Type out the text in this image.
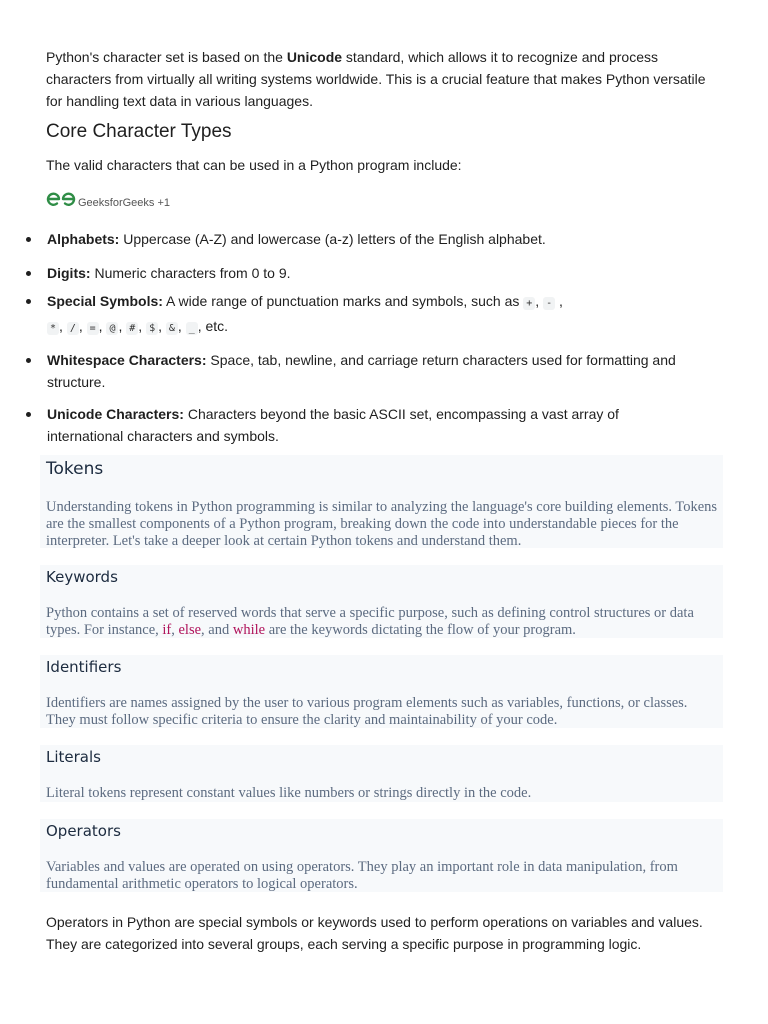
Python's character set is based on the Unicode standard, which allows it to recognize and process characters from virtually all writing systems worldwide. This is a crucial feature that makes Python versatile for handling text data in various languages.

Core Character Types

The valid characters that can be used in a Python program include:

GeeksforGeeks +1
Alphabets: Uppercase (A-Z) and lowercase (a-z) letters of the English alphabet.
Digits: Numeric characters from 0 to 9.
Special Symbols: A wide range of punctuation marks and symbols, such as + , - , * , / , = , @ , # , $ , & , _ , etc.
Whitespace Characters: Space, tab, newline, and carriage return characters used for formatting and structure.
Unicode Characters: Characters beyond the basic ASCII set, encompassing a vast array of international characters and symbols.
Tokens

Understanding tokens in Python programming is similar to analyzing the language's core building elements. Tokens are the smallest components of a Python program, breaking down the code into understandable pieces for the interpreter. Let's take a deeper look at certain Python tokens and understand them.

Keywords

Python contains a set of reserved words that serve a specific purpose, such as defining control structures or data types. For instance, if, else, and while are the keywords dictating the flow of your program.

Identifiers

Identifiers are names assigned by the user to various program elements such as variables, functions, or classes. They must follow specific criteria to ensure the clarity and maintainability of your code.

Literals

Literal tokens represent constant values like numbers or strings directly in the code.

Operators

Variables and values are operated on using operators. They play an important role in data manipulation, from fundamental arithmetic operators to logical operators.

Operators in Python are special symbols or keywords used to perform operations on variables and values. They are categorized into several groups, each serving a specific purpose in programming logic.
